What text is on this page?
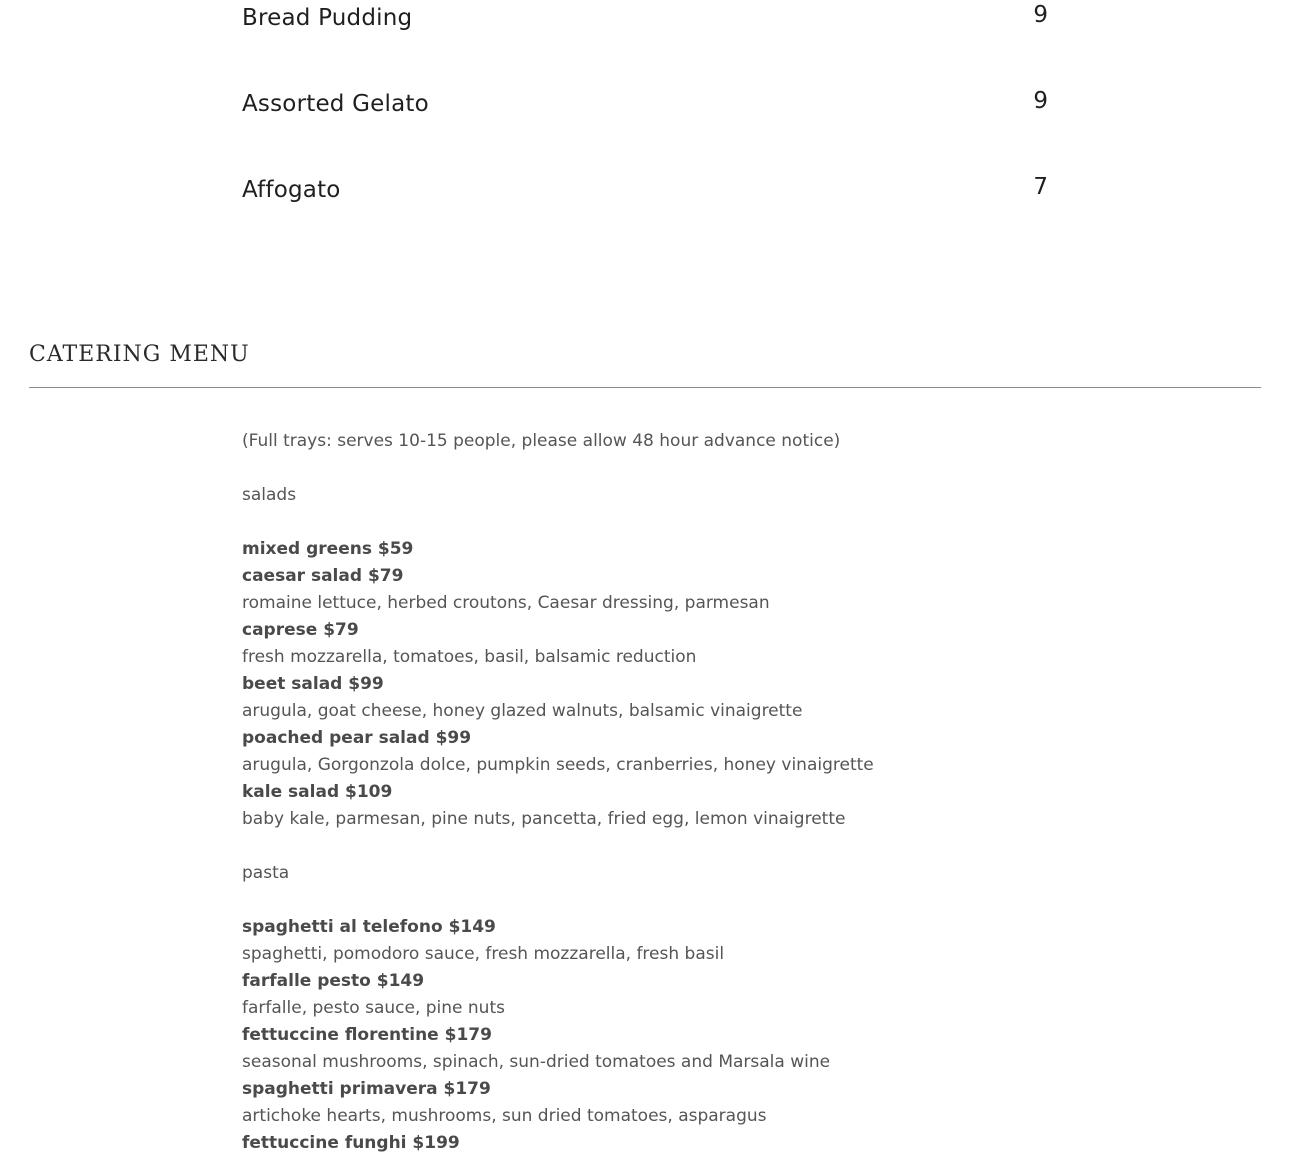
Bread Pudding	9
Assorted Gelato	9
Affogato	7
CATERING MENU
(Full trays: serves 10-15 people, please allow 48 hour advance notice)
salads
mixed greens $59
caesar salad $79
romaine lettuce, herbed croutons, Caesar dressing, parmesan
caprese $79
fresh mozzarella, tomatoes, basil, balsamic reduction
beet salad $99
arugula, goat cheese, honey glazed walnuts, balsamic vinaigrette
poached pear salad $99
arugula, Gorgonzola dolce, pumpkin seeds, cranberries, honey vinaigrette
kale salad $109
baby kale, parmesan, pine nuts, pancetta, fried egg, lemon vinaigrette
pasta
spaghetti al telefono $149
spaghetti, pomodoro sauce, fresh mozzarella, fresh basil
farfalle pesto $149
farfalle, pesto sauce, pine nuts
fettuccine florentine $179
seasonal mushrooms, spinach, sun-dried tomatoes and Marsala wine
spaghetti primavera $179
artichoke hearts, mushrooms, sun dried tomatoes, asparagus
fettuccine funghi $199
